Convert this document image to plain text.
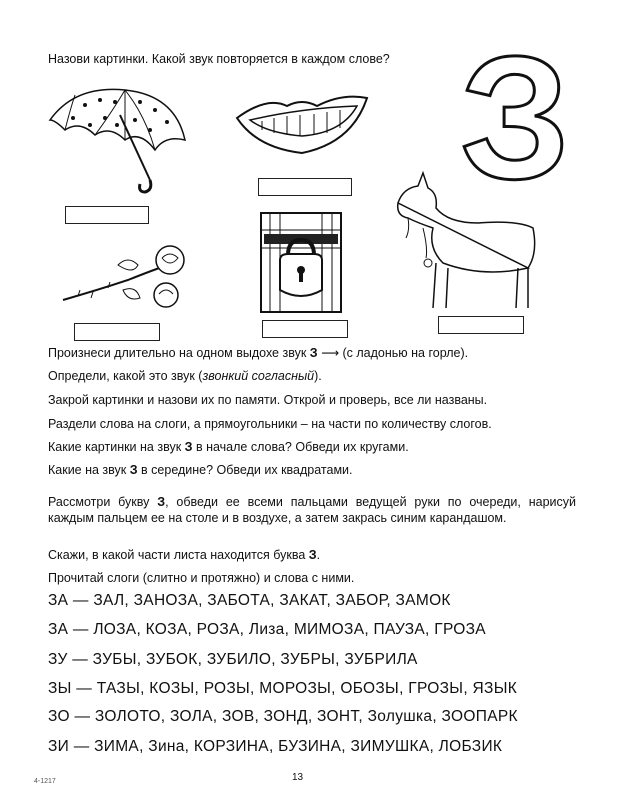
Назови картинки. Какой звук повторяется в каждом слове? З
Произнеси длительно на одном выдохе звук З ⟶ (с ладонью на горле).
Определи, какой это звук (звонкий согласный).
Закрой картинки и назови их по памяти. Открой и проверь, все ли названы.
Раздели слова на слоги, а прямоугольники – на части по количеству слогов.
Какие картинки на звук З в начале слова? Обведи их кругами.
Какие на звук З в середине? Обведи их квадратами.
Рассмотри букву З, обведи ее всеми пальцами ведущей руки по очереди, нарисуй каждым пальцем ее на столе и в воздухе, а затем закрась синим карандашом.
Скажи, в какой части листа находится буква З.
Прочитай слоги (слитно и протяжно) и слова с ними.
ЗА — ЗАЛ, ЗАНОЗА, ЗАБОТА, ЗАКАТ, ЗАБОР, ЗАМОК
ЗА — ЛОЗА, КОЗА, РОЗА, Лиза, МИМОЗА, ПАУЗА, ГРОЗА
ЗУ — ЗУБЫ, ЗУБОК, ЗУБИЛО, ЗУБРЫ, ЗУБРИЛА
ЗЫ — ТАЗЫ, КОЗЫ, РОЗЫ, МОРОЗЫ, ОБОЗЫ, ГРОЗЫ, ЯЗЫК
ЗО — ЗОЛОТО, ЗОЛА, ЗОВ, ЗОНД, ЗОНТ, Золушка, ЗООПАРК
ЗИ — ЗИМА, Зина, КОРЗИНА, БУЗИНА, ЗИМУШКА, ЛОБЗИК
4-1217	13
